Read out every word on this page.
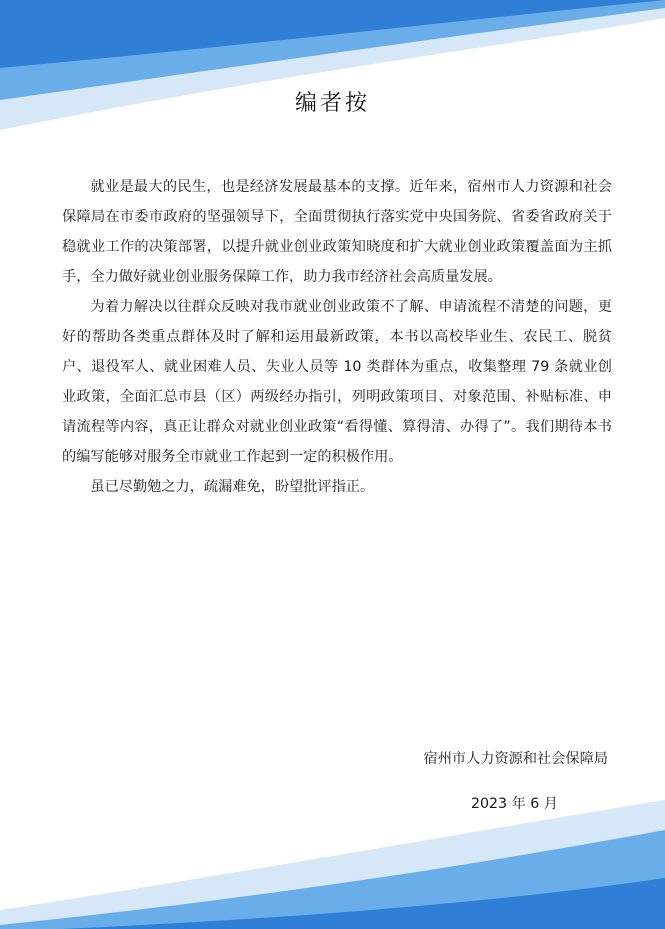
编者按

就业是最大的民生，也是经济发展最基本的支撑。近年来，宿州市人力资源和社会保障局在市委市政府的坚强领导下，全面贯彻执行落实党中央国务院、省委省政府关于稳就业工作的决策部署，以提升就业创业政策知晓度和扩大就业创业政策覆盖面为主抓手，全力做好就业创业服务保障工作，助力我市经济社会高质量发展。

为着力解决以往群众反映对我市就业创业政策不了解、申请流程不清楚的问题，更好的帮助各类重点群体及时了解和运用最新政策，本书以高校毕业生、农民工、脱贫户、退役军人、就业困难人员、失业人员等 10 类群体为重点，收集整理 79 条就业创业政策，全面汇总市县（区）两级经办指引，列明政策项目、对象范围、补贴标准、申请流程等内容，真正让群众对就业创业政策“看得懂、算得清、办得了”。我们期待本书的编写能够对服务全市就业工作起到一定的积极作用。

虽已尽勤勉之力，疏漏难免，盼望批评指正。

宿州市人力资源和社会保障局
2023 年 6 月
